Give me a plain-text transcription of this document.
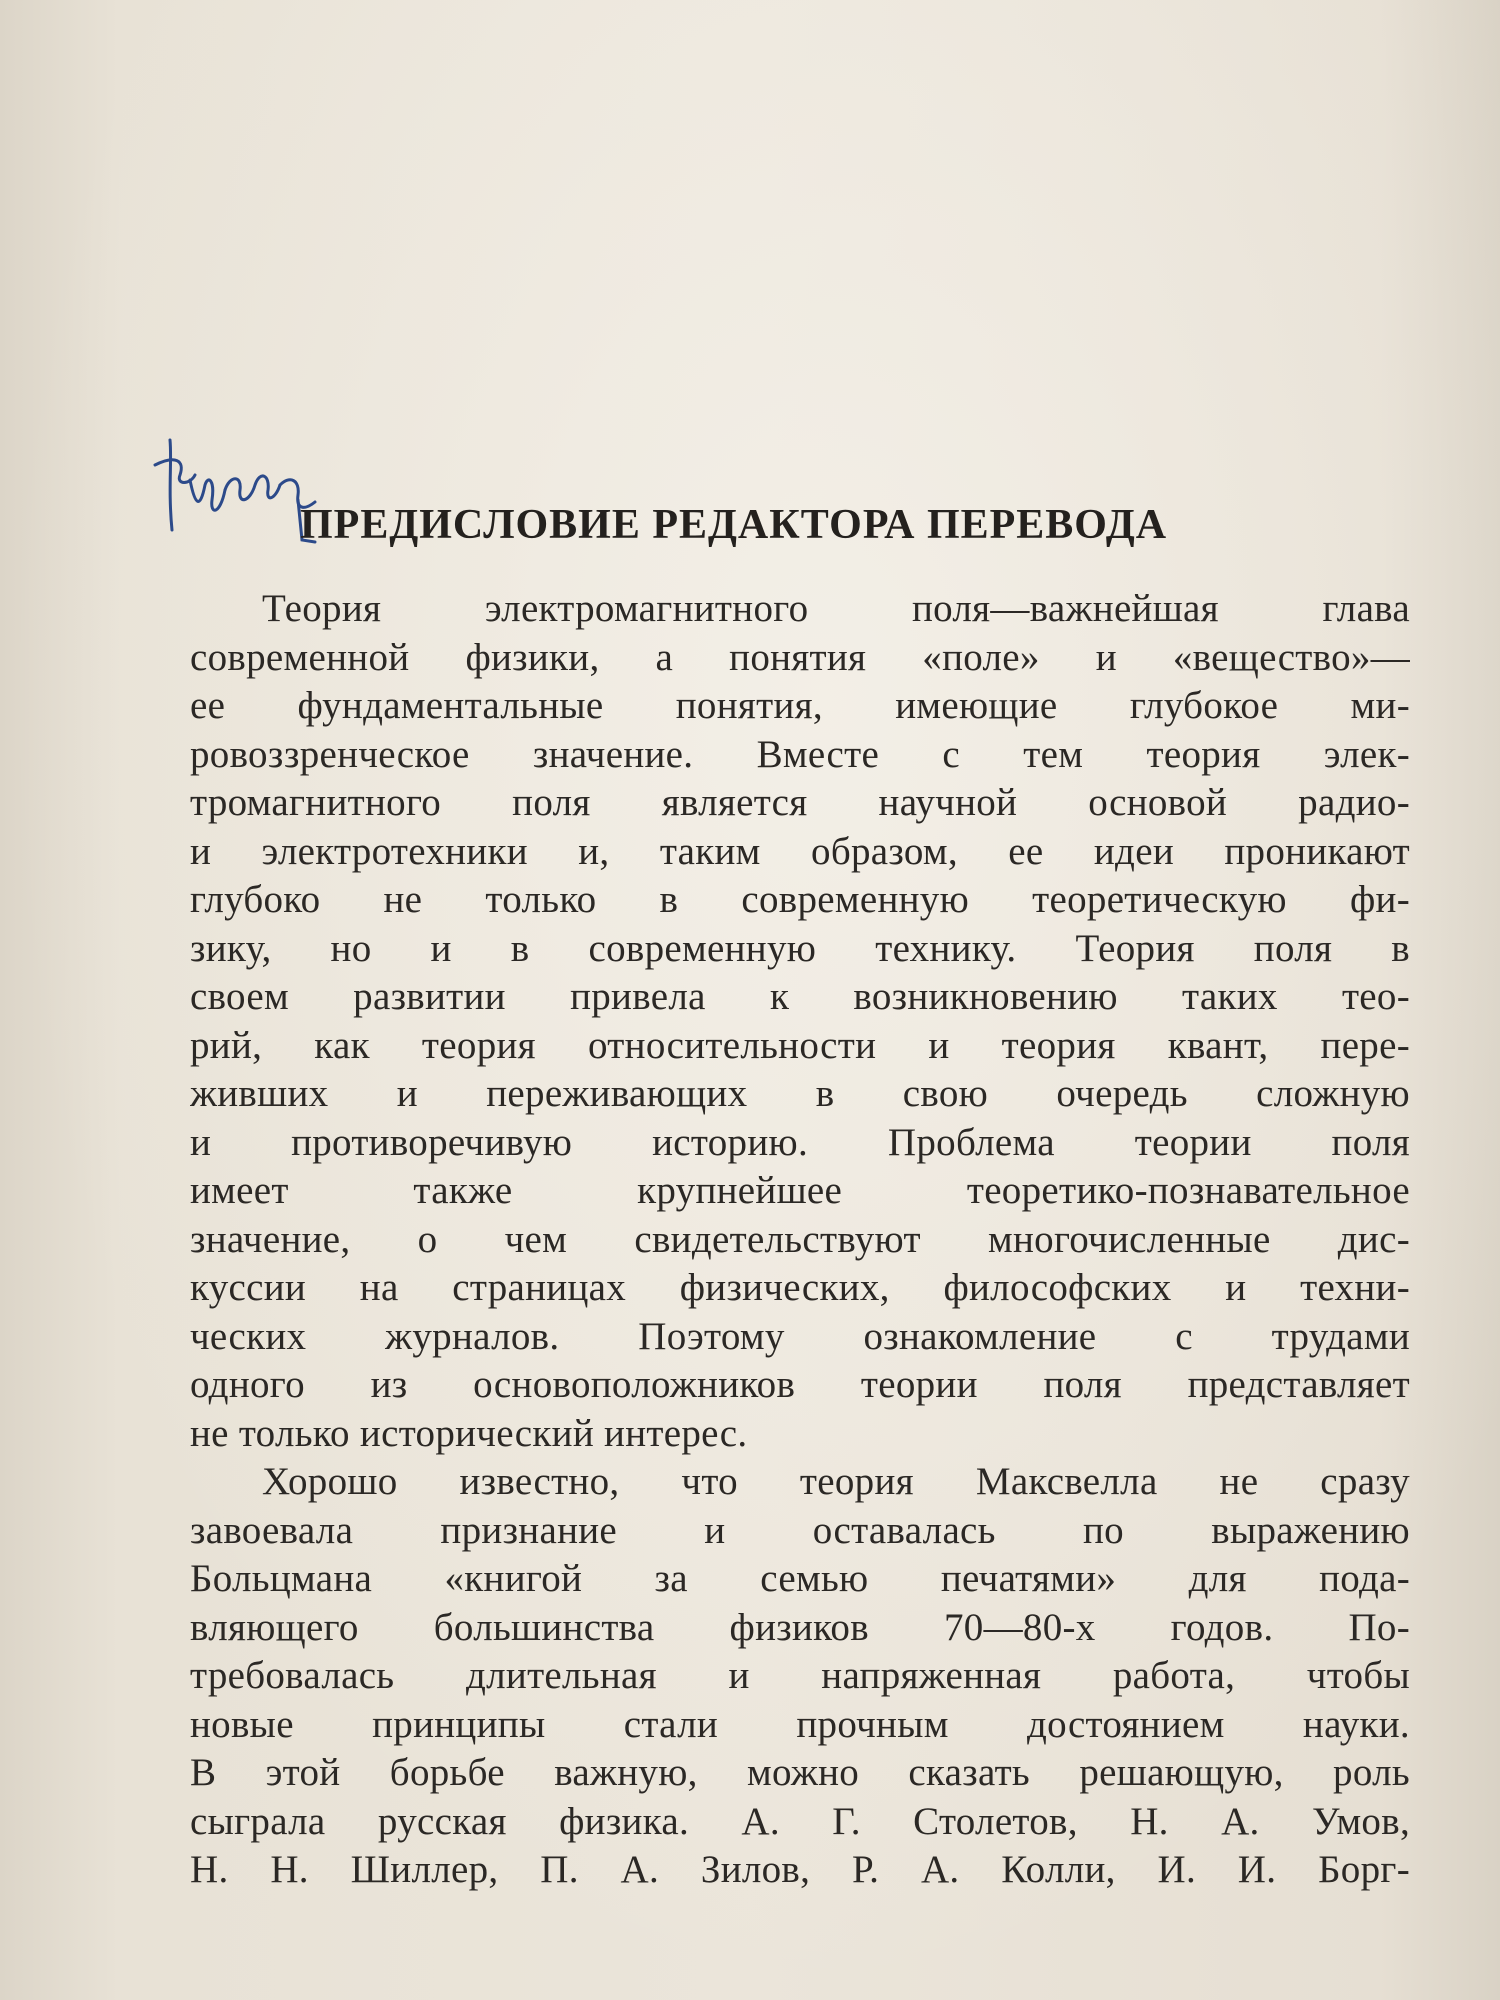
ПРЕДИСЛОВИЕ РЕДАКТОРА ПЕРЕВОДА
Теория электромагнитного поля—важнейшая глава
современной физики, а понятия «поле» и «вещество»—
ее фундаментальные понятия, имеющие глубокое ми-
ровоззренческое значение. Вместе с тем теория элек-
тромагнитного поля является научной основой радио-
и электротехники и, таким образом, ее идеи проникают
глубоко не только в современную теоретическую фи-
зику, но и в современную технику. Теория поля в
своем развитии привела к возникновению таких тео-
рий, как теория относительности и теория квант, пере-
живших и переживающих в свою очередь сложную
и противоречивую историю. Проблема теории поля
имеет также крупнейшее теоретико-познавательное
значение, о чем свидетельствуют многочисленные дис-
куссии на страницах физических, философских и техни-
ческих журналов. Поэтому ознакомление с трудами
одного из основоположников теории поля представляет
не только исторический интерес.
Хорошо известно, что теория Максвелла не сразу
завоевала признание и оставалась по выражению
Больцмана «книгой за семью печатями» для пода-
вляющего большинства физиков 70—80-х годов. По-
требовалась длительная и напряженная работа, чтобы
новые принципы стали прочным достоянием науки.
В этой борьбе важную, можно сказать решающую, роль
сыграла русская физика. А. Г. Столетов, Н. А. Умов,
Н. Н. Шиллер, П. А. Зилов, Р. А. Колли, И. И. Борг-
